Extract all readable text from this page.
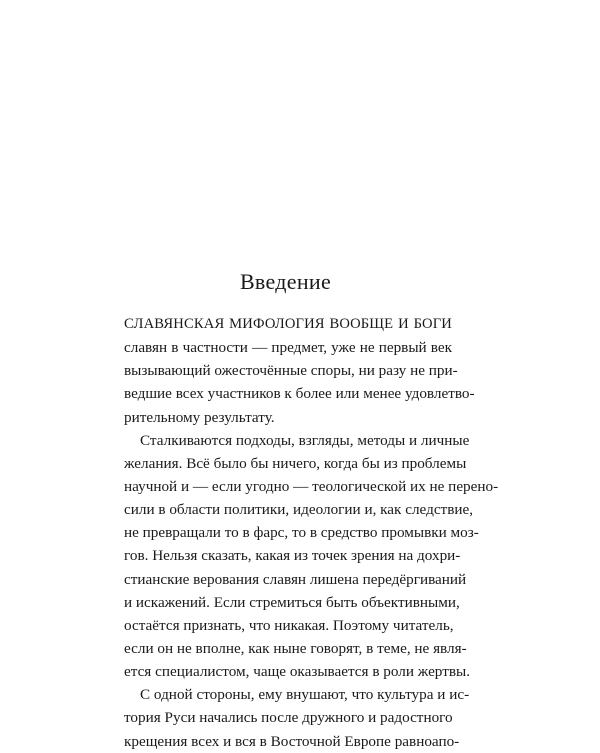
Введение
СЛАВЯНСКАЯ МИФОЛОГИЯ ВООБЩЕ И БОГИ
славян в частности — предмет, уже не первый век
вызывающий ожесточённые споры, ни разу не при-
ведшие всех участников к более или менее удовлетво-
рительному результату.
Сталкиваются подходы, взгляды, методы и личные
желания. Всё было бы ничего, когда бы из проблемы
научной и — если угодно — теологической их не перено-
сили в области политики, идеологии и, как следствие,
не превращали то в фарс, то в средство промывки моз-
гов. Нельзя сказать, какая из точек зрения на дохри-
стианские верования славян лишена передёргиваний
и искажений. Если стремиться быть объективными,
остаётся признать, что никакая. Поэтому читатель,
если он не вполне, как ныне говорят, в теме, не явля-
ется специалистом, чаще оказывается в роли жертвы.
С одной стороны, ему внушают, что культура и ис-
тория Руси начались после дружного и радостного
крещения всех и вся в Восточной Европе равноапо-
